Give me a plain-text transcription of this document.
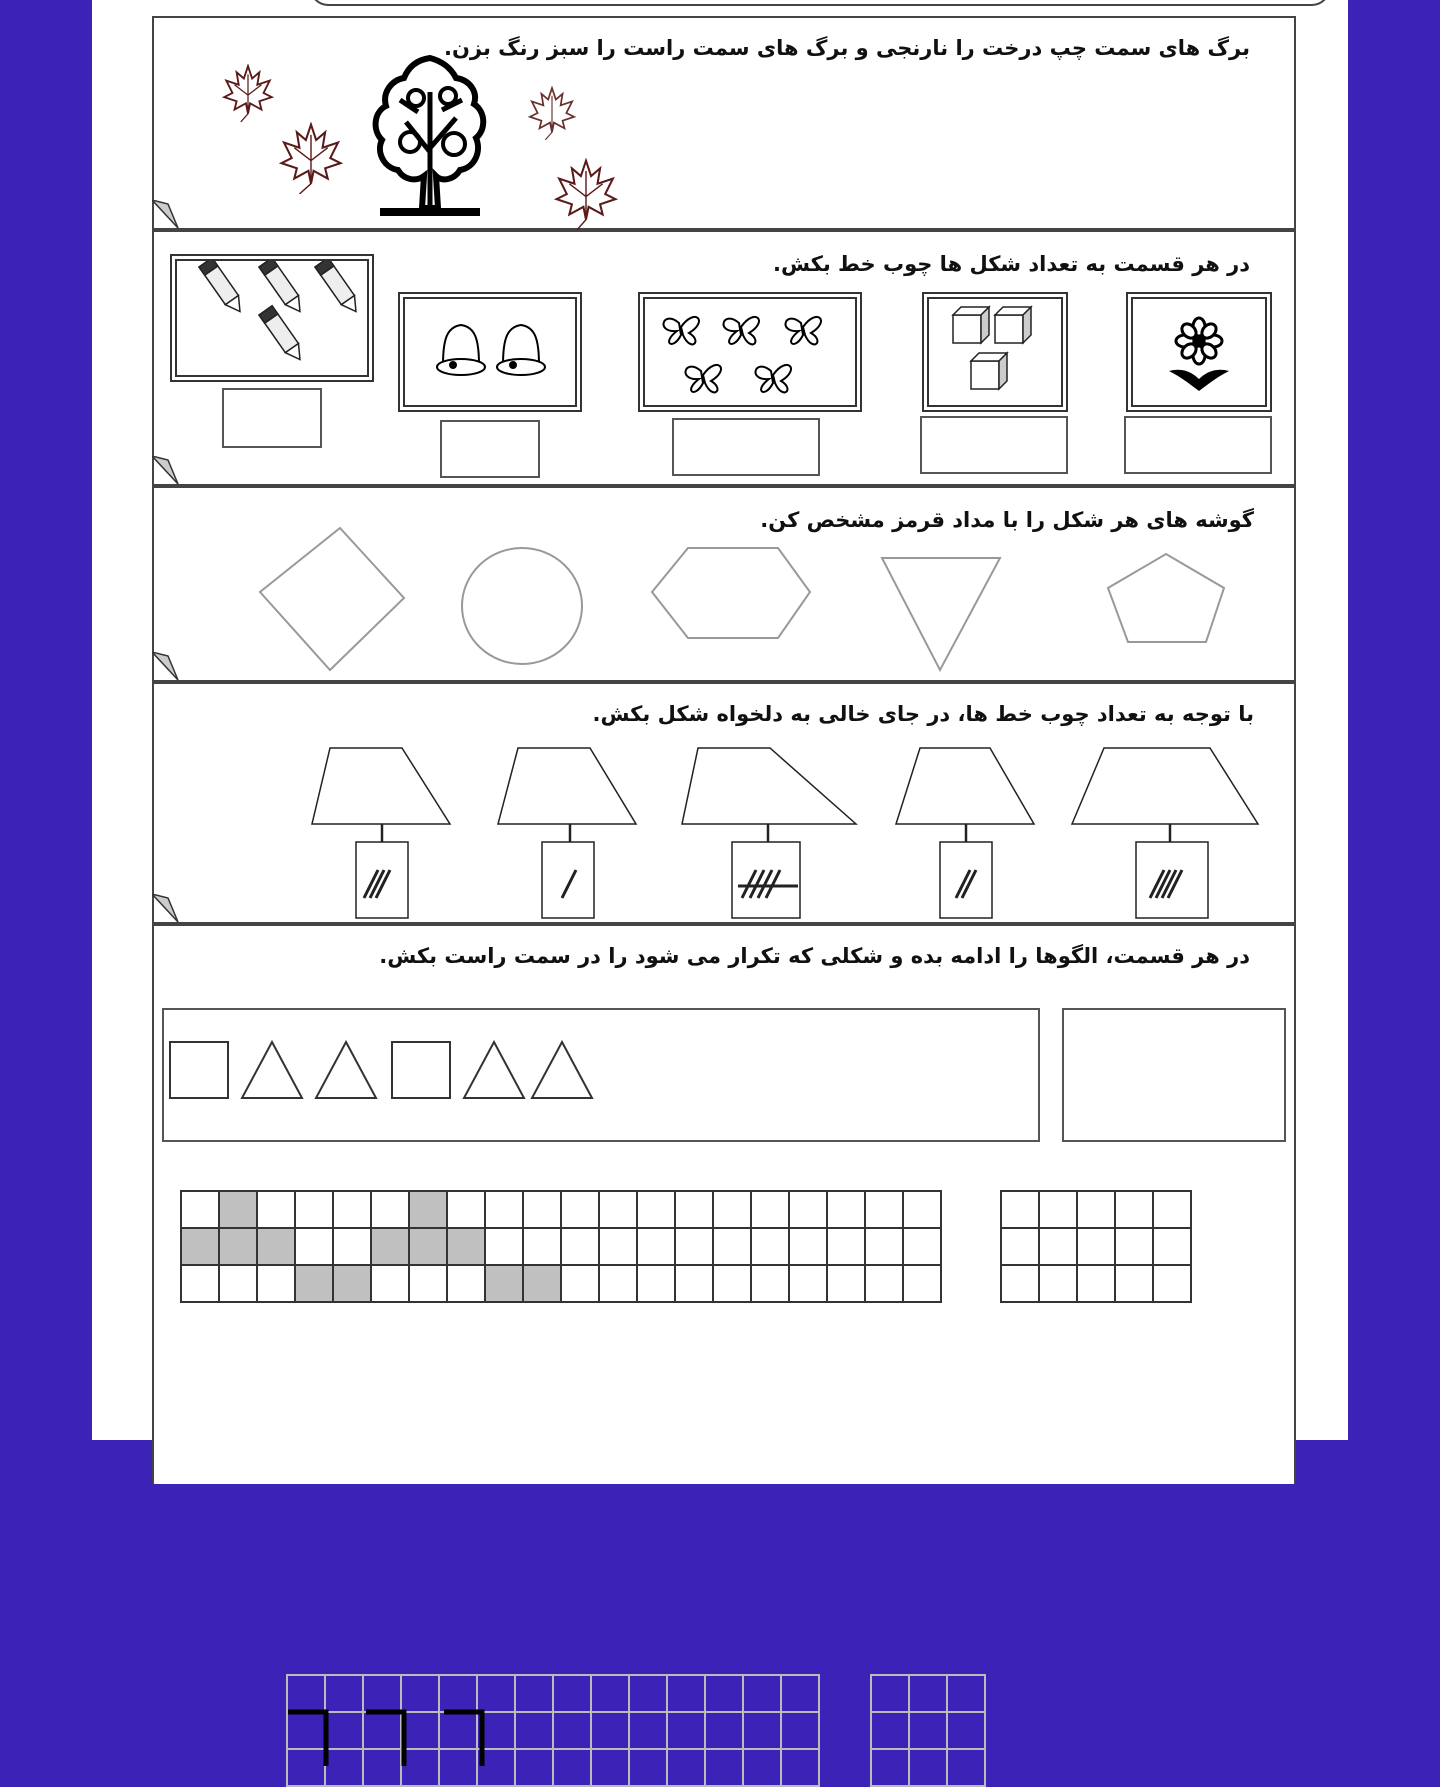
برگ های سمت چپ درخت را نارنجی و برگ های سمت راست را سبز رنگ بزن.
در هر قسمت به تعداد شکل ها چوب خط بکش.
گوشه های هر شکل را با مداد قرمز مشخص کن.
با توجه به تعداد چوب خط ها، در جای خالی به دلخواه شکل بکش.
در هر قسمت، الگوها را ادامه بده و شکلی که تکرار می شود را در سمت راست بکش.
